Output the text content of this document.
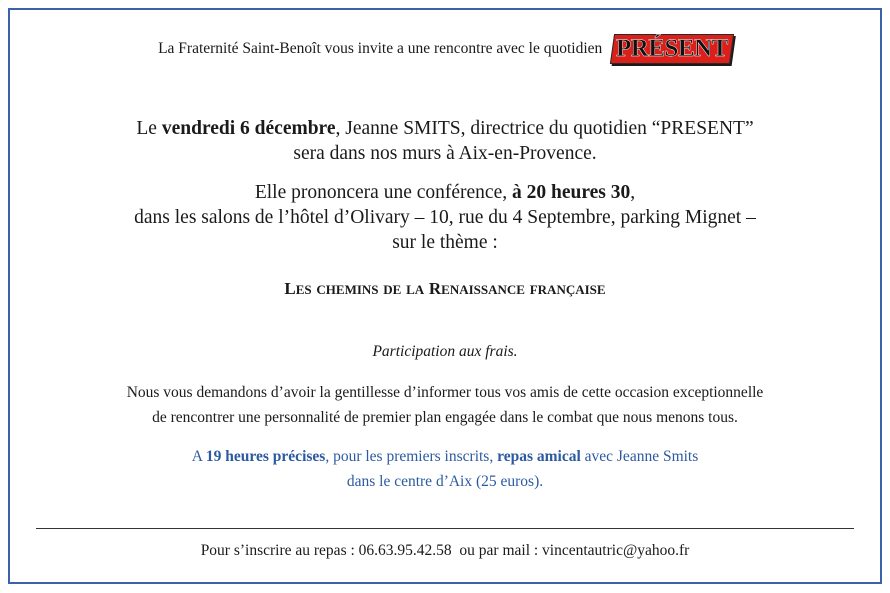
La Fraternité Saint-Benoît vous invite a une rencontre avec le quotidien PRÉSENT
Le vendredi 6 décembre, Jeanne SMITS, directrice du quotidien “PRESENT”
sera dans nos murs à Aix-en-Provence.
Elle prononcera une conférence, à 20 heures 30,
dans les salons de l’hôtel d’Olivary – 10, rue du 4 Septembre, parking Mignet –
sur le thème :
Les chemins de la Renaissance française
Participation aux frais.
Nous vous demandons d’avoir la gentillesse d’informer tous vos amis de cette occasion exceptionnelle
de rencontrer une personnalité de premier plan engagée dans le combat que nous menons tous.
A 19 heures précises, pour les premiers inscrits, repas amical avec Jeanne Smits
dans le centre d’Aix (25 euros).
Pour s’inscrire au repas : 06.63.95.42.58  ou par mail : vincentautric@yahoo.fr
